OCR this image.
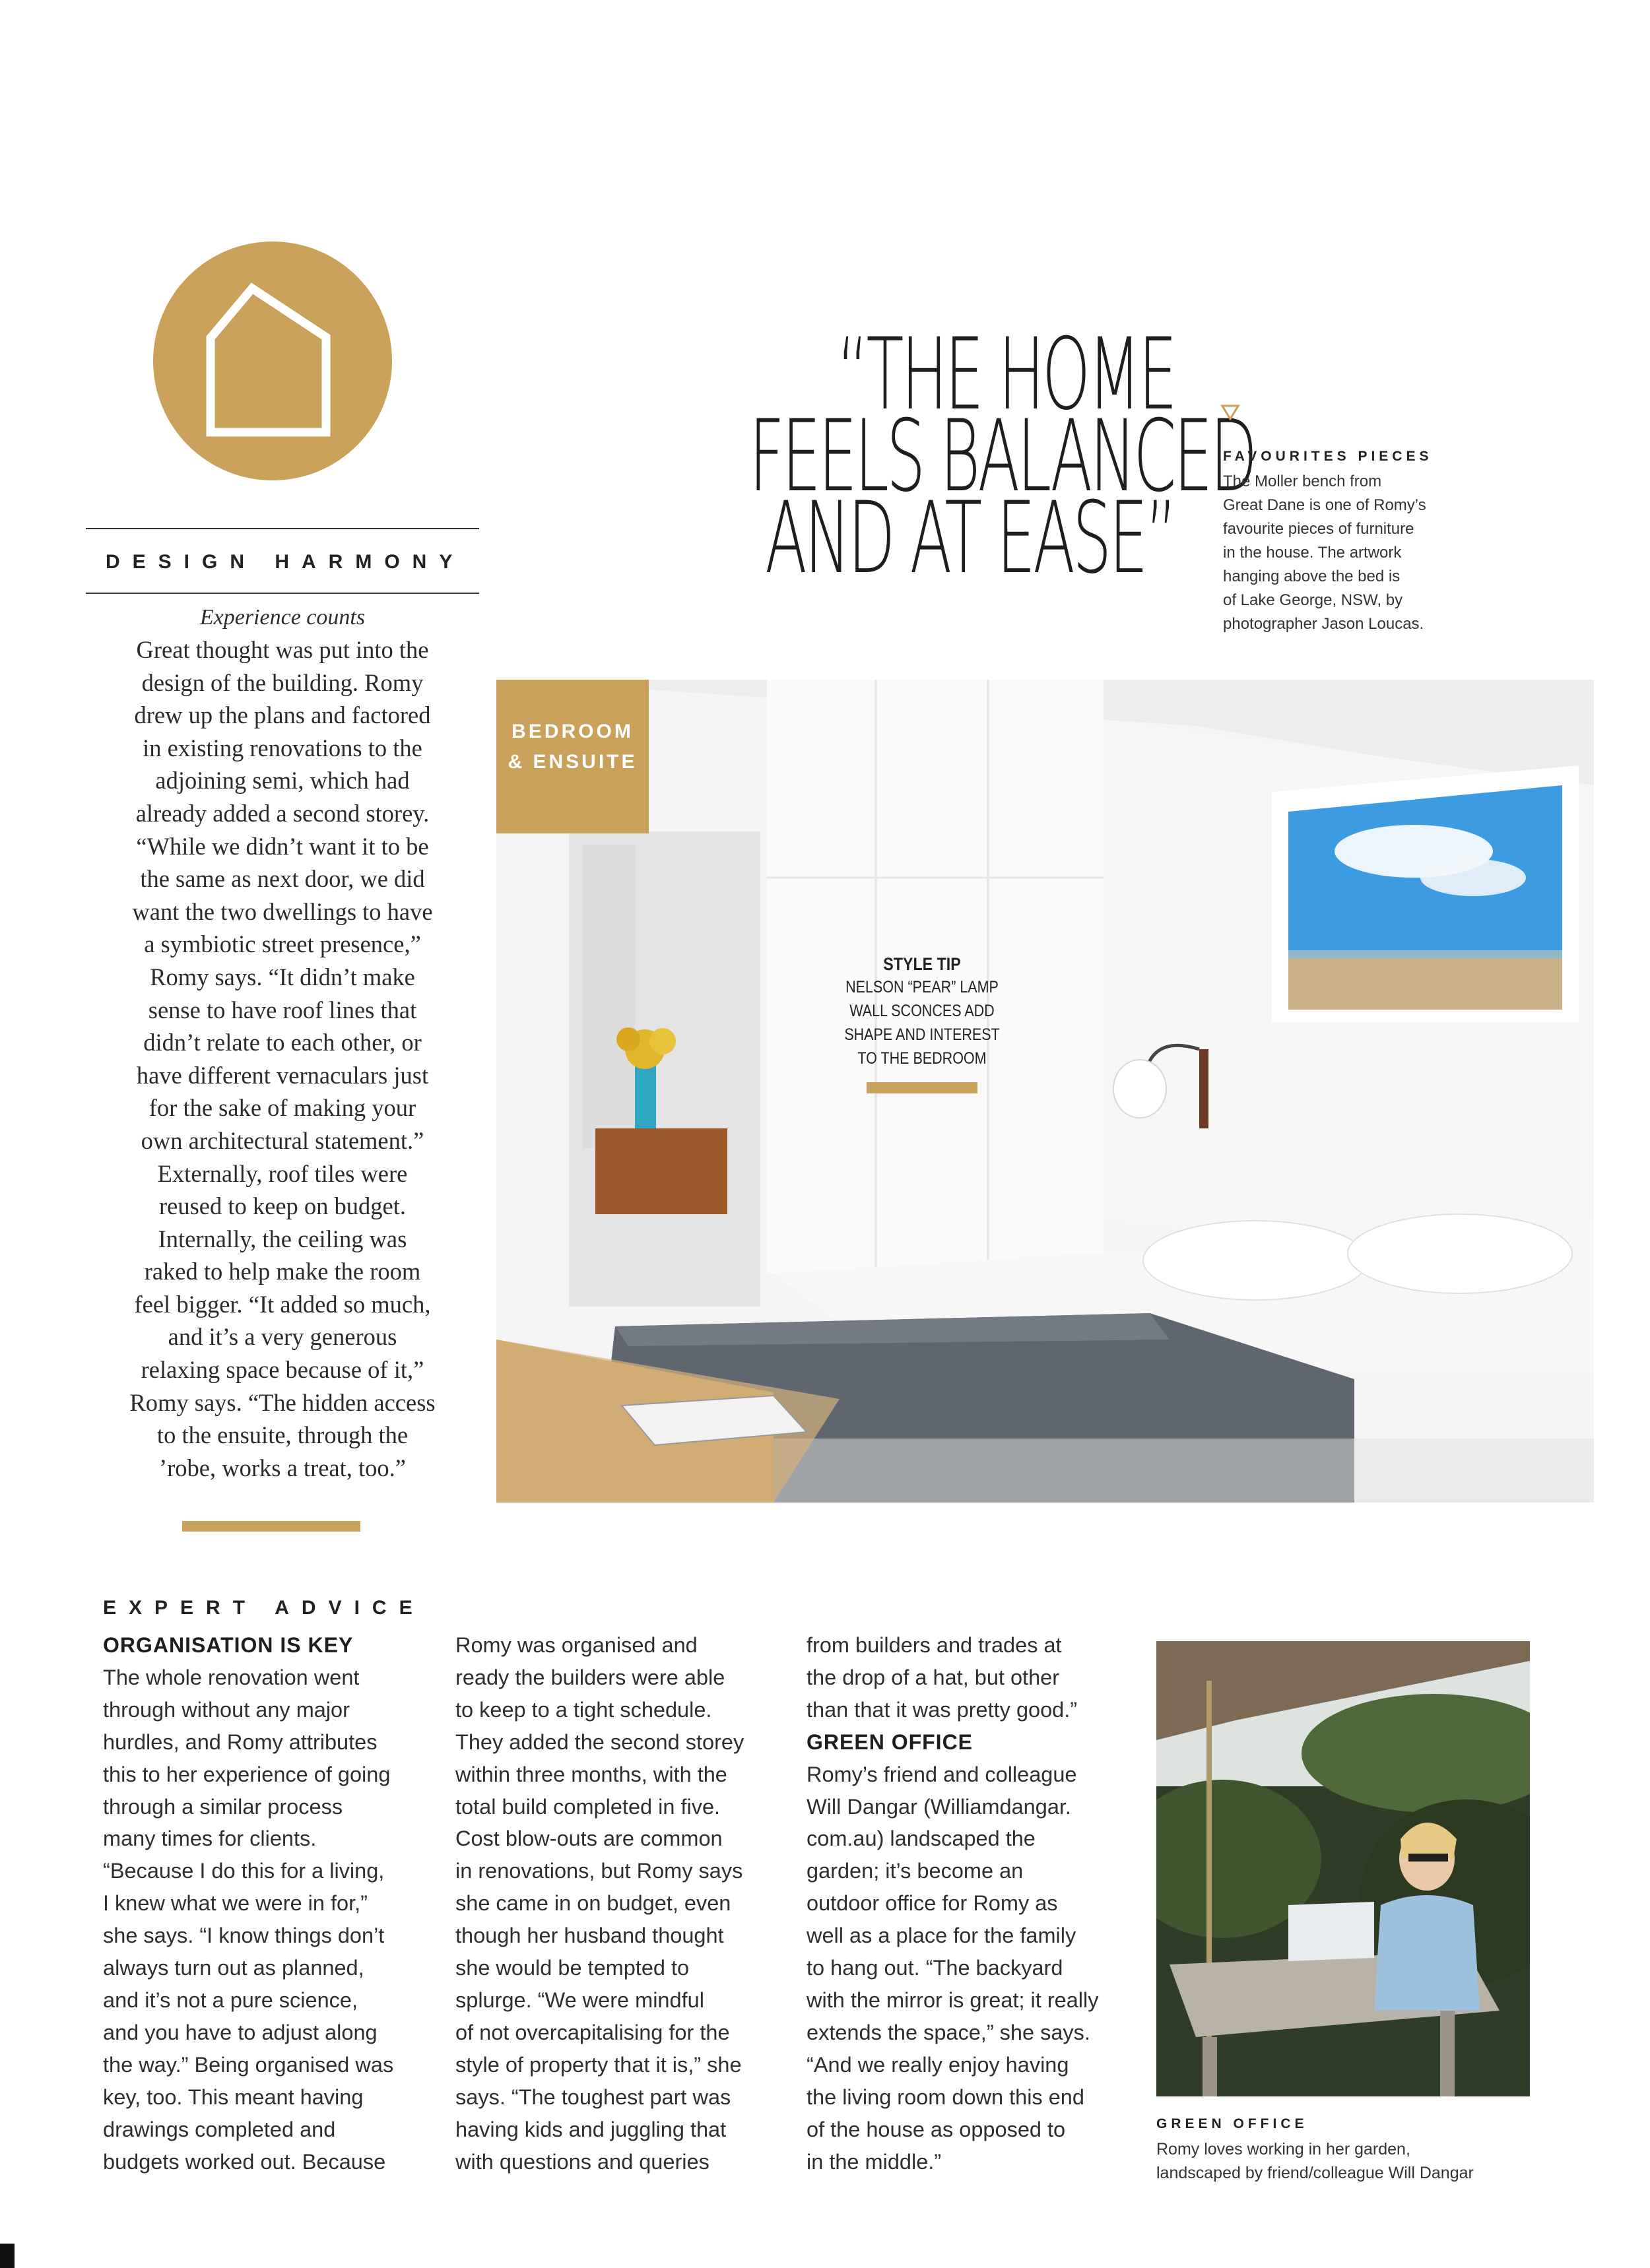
DESIGN HARMONY
Experience counts
Great thought was put into the
design of the building. Romy
drew up the plans and factored
in existing renovations to the
adjoining semi, which had
already added a second storey.
“While we didn’t want it to be
the same as next door, we did
want the two dwellings to have
a symbiotic street presence,”
Romy says. “It didn’t make
sense to have roof lines that
didn’t relate to each other, or
have different vernaculars just
for the sake of making your
own architectural statement.”
Externally, roof tiles were
reused to keep on budget.
Internally, the ceiling was
raked to help make the room
feel bigger. “It added so much,
and it’s a very generous
relaxing space because of it,”
Romy says. “The hidden access
to the ensuite, through the
’robe, works a treat, too.”
“THE HOME
FEELS BALANCED
AND AT EASE”
FAVOURITES PIECES
The Moller bench from
Great Dane is one of Romy’s
favourite pieces of furniture
in the house. The artwork
hanging above the bed is
of Lake George, NSW, by
photographer Jason Loucas.
BEDROOM
& ENSUITE
STYLE TIP
NELSON “PEAR” LAMP
WALL SCONCES ADD
SHAPE AND INTEREST
TO THE BEDROOM
EXPERT ADVICE
ORGANISATION IS KEY
The whole renovation went
through without any major
hurdles, and Romy attributes
this to her experience of going
through a similar process
many times for clients.
“Because I do this for a living,
I knew what we were in for,”
she says. “I know things don’t
always turn out as planned,
and it’s not a pure science,
and you have to adjust along
the way.” Being organised was
key, too. This meant having
drawings completed and
budgets worked out. Because
Romy was organised and
ready the builders were able
to keep to a tight schedule.
They added the second storey
within three months, with the
total build completed in five.
Cost blow-outs are common
in renovations, but Romy says
she came in on budget, even
though her husband thought
she would be tempted to
splurge. “We were mindful
of not overcapitalising for the
style of property that it is,” she
says. “The toughest part was
having kids and juggling that
with questions and queries
from builders and trades at
the drop of a hat, but other
than that it was pretty good.”
GREEN OFFICE
Romy’s friend and colleague
Will Dangar (Williamdangar.
com.au) landscaped the
garden; it’s become an
outdoor office for Romy as
well as a place for the family
to hang out. “The backyard
with the mirror is great; it really
extends the space,” she says.
“And we really enjoy having
the living room down this end
of the house as opposed to
in the middle.”
GREEN OFFICE
Romy loves working in her garden,
landscaped by friend/colleague Will Dangar
